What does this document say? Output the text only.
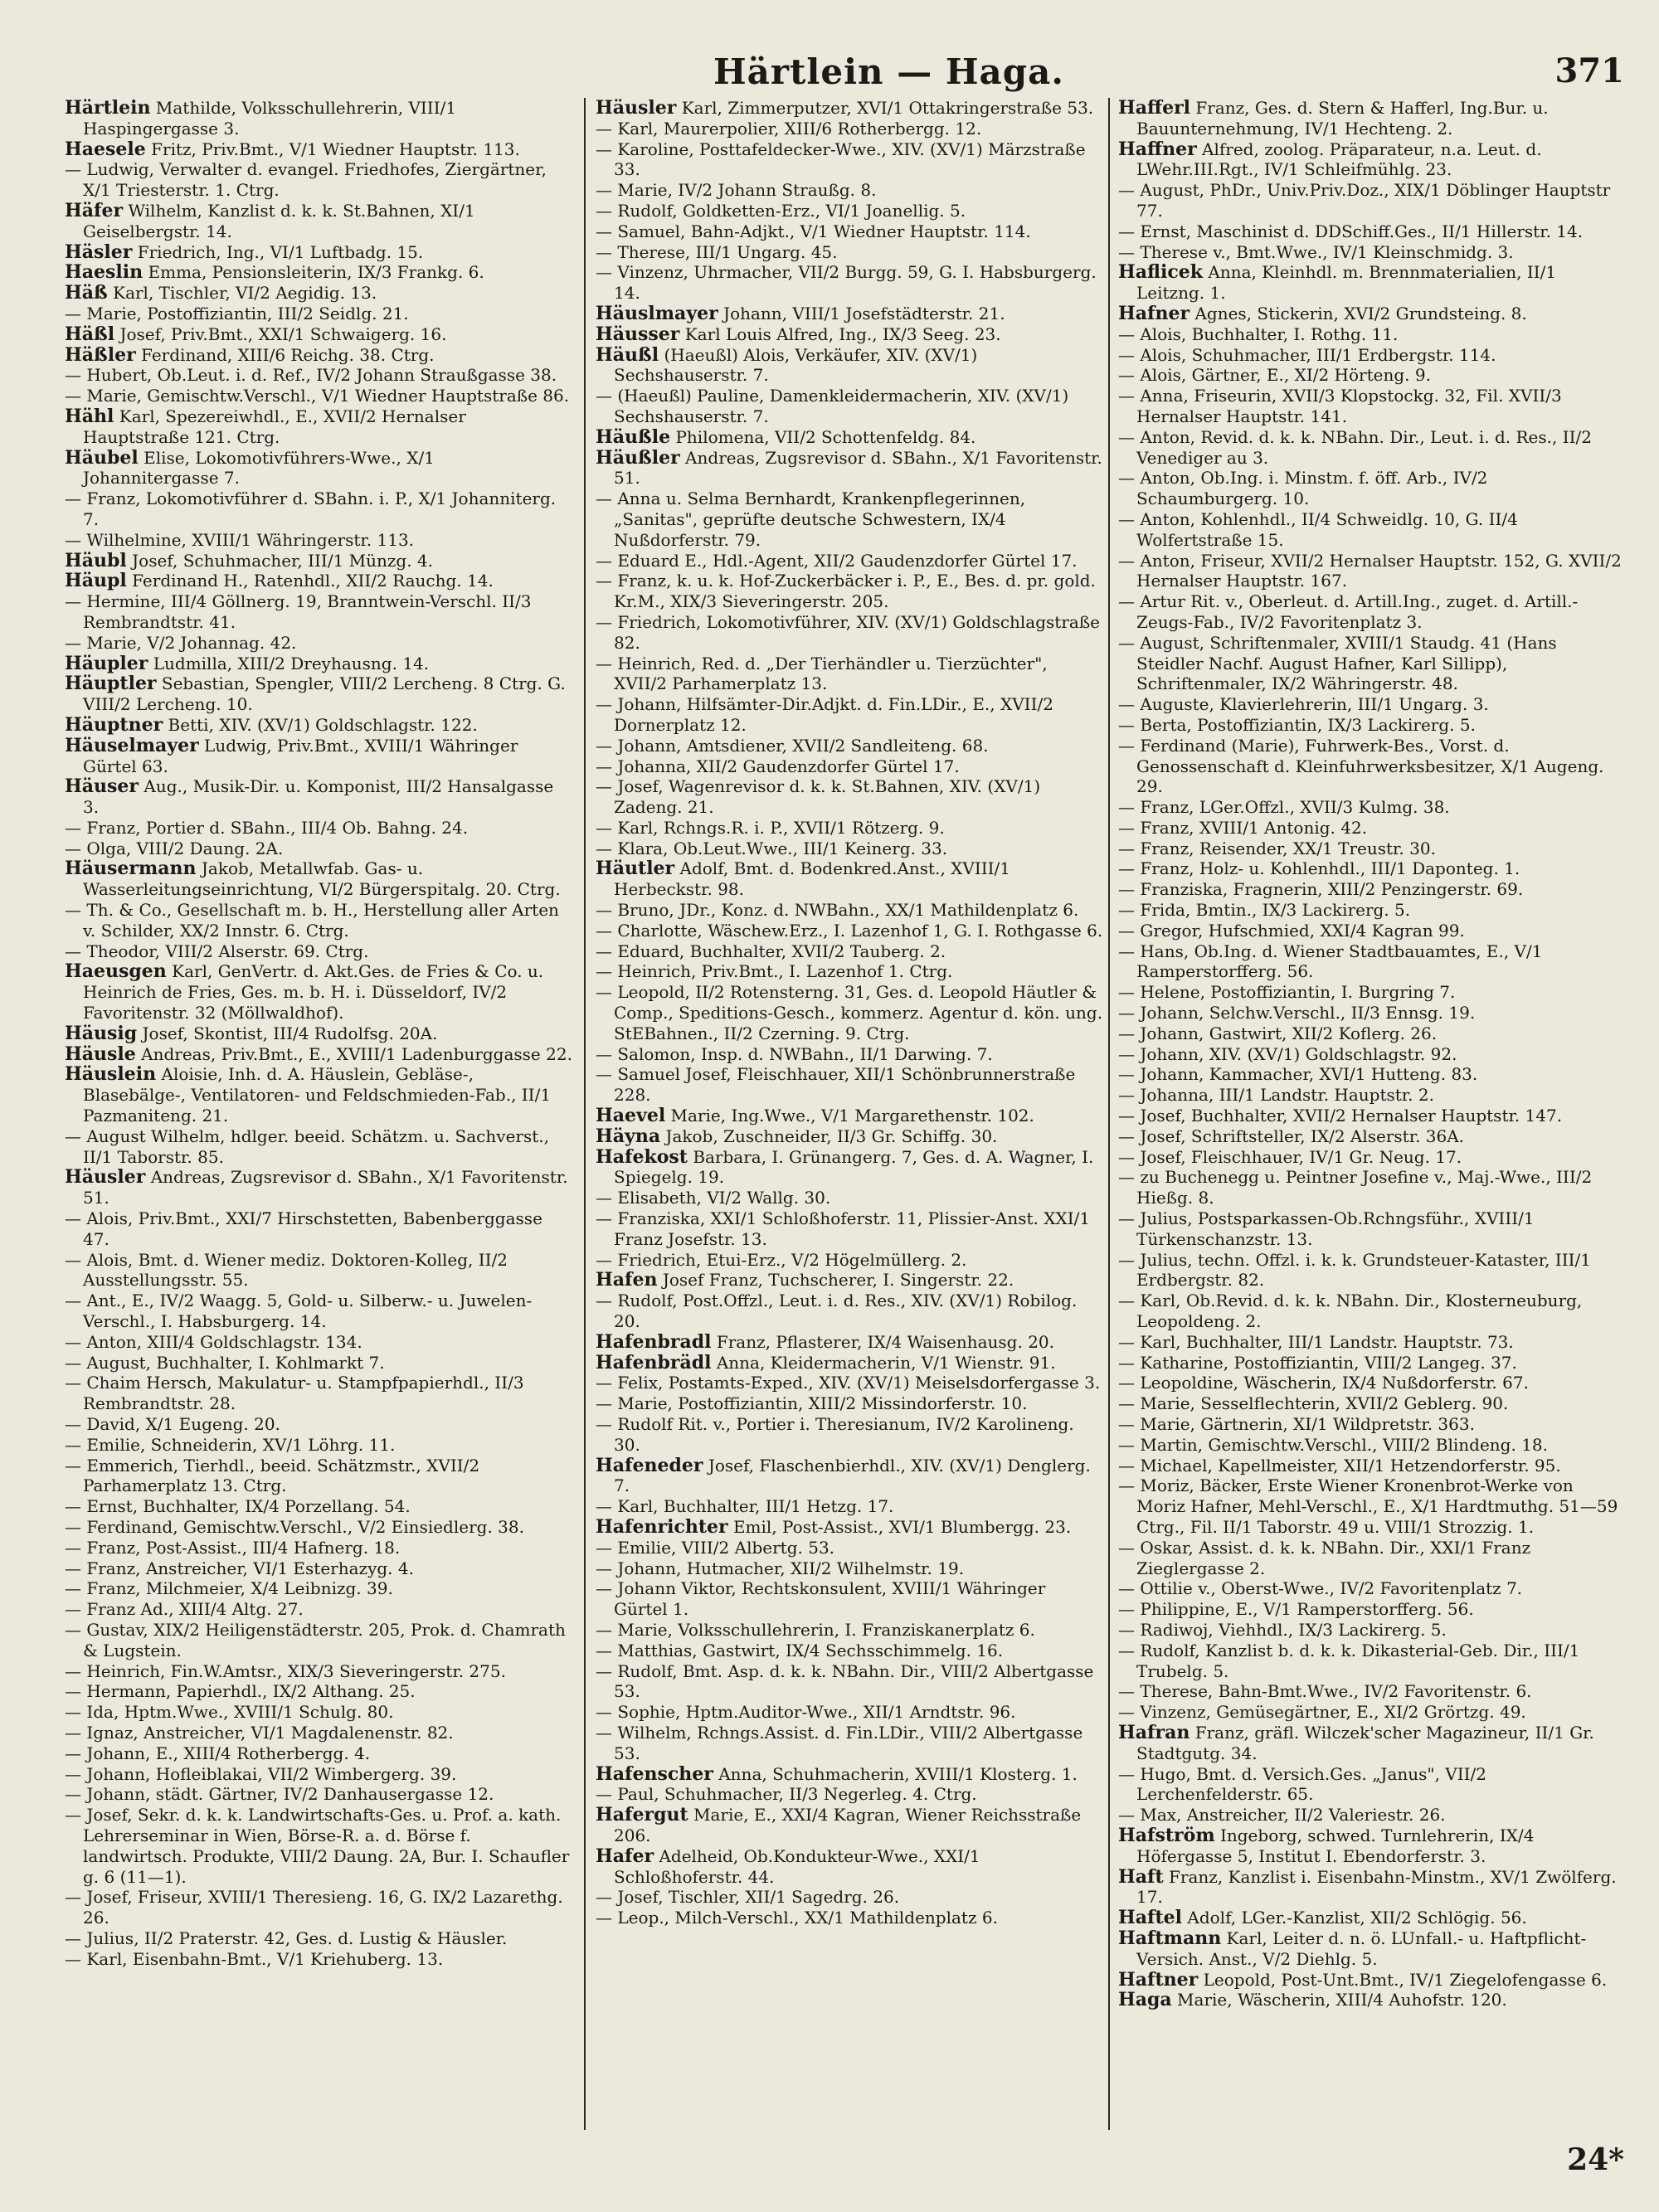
Härtlein — Haga.	371

Härtlein Mathilde, Volksschullehrerin, VIII/1 Haspingergasse 3.

Haesele Fritz, Priv.Bmt., V/1 Wiedner Hauptstr. 113.

— Ludwig, Verwalter d. evangel. Friedhofes, Ziergärtner, X/1 Triesterstr. 1. Ctrg.

Häfer Wilhelm, Kanzlist d. k. k. St.Bahnen, XI/1 Geiselbergstr. 14.

Häsler Friedrich, Ing., VI/1 Luftbadg. 15.

Haeslin Emma, Pensionsleiterin, IX/3 Frankg. 6.

Häß Karl, Tischler, VI/2 Aegidig. 13.

— Marie, Postoffiziantin, III/2 Seidlg. 21.

Häßl Josef, Priv.Bmt., XXI/1 Schwaigerg. 16.

Häßler Ferdinand, XIII/6 Reichg. 38. Ctrg.

— Hubert, Ob.Leut. i. d. Ref., IV/2 Johann Straußgasse 38.

— Marie, Gemischtw.Verschl., V/1 Wiedner Hauptstraße 86.

Hähl Karl, Spezereiwhdl., E., XVII/2 Hernalser Hauptstraße 121. Ctrg.

Häubel Elise, Lokomotivführers-Wwe., X/1 Johannitergasse 7.

— Franz, Lokomotivführer d. SBahn. i. P., X/1 Johanniterg. 7.

— Wilhelmine, XVIII/1 Währingerstr. 113.

Häubl Josef, Schuhmacher, III/1 Münzg. 4.

Häupl Ferdinand H., Ratenhdl., XII/2 Rauchg. 14.

— Hermine, III/4 Göllnerg. 19, Branntwein-Verschl. II/3 Rembrandtstr. 41.

— Marie, V/2 Johannag. 42.

Häupler Ludmilla, XIII/2 Dreyhausng. 14.

Häuptler Sebastian, Spengler, VIII/2 Lercheng. 8 Ctrg. G. VIII/2 Lercheng. 10.

Häuptner Betti, XIV. (XV/1) Goldschlagstr. 122.

Häuselmayer Ludwig, Priv.Bmt., XVIII/1 Währinger Gürtel 63.

Häuser Aug., Musik-Dir. u. Komponist, III/2 Hansalgasse 3.

— Franz, Portier d. SBahn., III/4 Ob. Bahng. 24.

— Olga, VIII/2 Daung. 2A.

Häusermann Jakob, Metallwfab. Gas- u. Wasserleitungseinrichtung, VI/2 Bürgerspitalg. 20. Ctrg.

— Th. & Co., Gesellschaft m. b. H., Herstellung aller Arten v. Schilder, XX/2 Innstr. 6. Ctrg.

— Theodor, VIII/2 Alserstr. 69. Ctrg.

Haeusgen Karl, GenVertr. d. Akt.Ges. de Fries & Co. u. Heinrich de Fries, Ges. m. b. H. i. Düsseldorf, IV/2 Favoritenstr. 32 (Möllwaldhof).

Häusig Josef, Skontist, III/4 Rudolfsg. 20A.

Häusle Andreas, Priv.Bmt., E., XVIII/1 Ladenburggasse 22.

Häuslein Aloisie, Inh. d. A. Häuslein, Gebläse-, Blasebälge-, Ventilatoren- und Feldschmieden-Fab., II/1 Pazmaniteng. 21.

— August Wilhelm, hdlger. beeid. Schätzm. u. Sachverst., II/1 Taborstr. 85.

Häusler Andreas, Zugsrevisor d. SBahn., X/1 Favoritenstr. 51.

— Alois, Priv.Bmt., XXI/7 Hirschstetten, Babenberggasse 47.

— Alois, Bmt. d. Wiener mediz. Doktoren-Kolleg, II/2 Ausstellungsstr. 55.

— Ant., E., IV/2 Waagg. 5, Gold- u. Silberw.- u. Juwelen-Verschl., I. Habsburgerg. 14.

— Anton, XIII/4 Goldschlagstr. 134.

— August, Buchhalter, I. Kohlmarkt 7.

— Chaim Hersch, Makulatur- u. Stampfpapierhdl., II/3 Rembrandtstr. 28.

— David, X/1 Eugeng. 20.

— Emilie, Schneiderin, XV/1 Löhrg. 11.

— Emmerich, Tierhdl., beeid. Schätzmstr., XVII/2 Parhamerplatz 13. Ctrg.

— Ernst, Buchhalter, IX/4 Porzellang. 54.

— Ferdinand, Gemischtw.Verschl., V/2 Einsiedlerg. 38.

— Franz, Post-Assist., III/4 Hafnerg. 18.

— Franz, Anstreicher, VI/1 Esterhazyg. 4.

— Franz, Milchmeier, X/4 Leibnizg. 39.

— Franz Ad., XIII/4 Altg. 27.

— Gustav, XIX/2 Heiligenstädterstr. 205, Prok. d. Chamrath & Lugstein.

— Heinrich, Fin.W.Amtsr., XIX/3 Sieveringerstr. 275.

— Hermann, Papierhdl., IX/2 Althang. 25.

— Ida, Hptm.Wwe., XVIII/1 Schulg. 80.

— Ignaz, Anstreicher, VI/1 Magdalenenstr. 82.

— Johann, E., XIII/4 Rotherbergg. 4.

— Johann, Hofleiblakai, VII/2 Wimbergerg. 39.

— Johann, städt. Gärtner, IV/2 Danhausergasse 12.

— Josef, Sekr. d. k. k. Landwirtschafts-Ges. u. Prof. a. kath. Lehrerseminar in Wien, Börse-R. a. d. Börse f. landwirtsch. Produkte, VIII/2 Daung. 2A, Bur. I. Schaufler g. 6 (11—1).

— Josef, Friseur, XVIII/1 Theresieng. 16, G. IX/2 Lazarethg. 26.

— Julius, II/2 Praterstr. 42, Ges. d. Lustig & Häusler.

— Karl, Eisenbahn-Bmt., V/1 Kriehuberg. 13.

Häusler Karl, Zimmerputzer, XVI/1 Ottakringerstraße 53.

— Karl, Maurerpolier, XIII/6 Rotherbergg. 12.

— Karoline, Posttafeldecker-Wwe., XIV. (XV/1) Märzstraße 33.

— Marie, IV/2 Johann Straußg. 8.

— Rudolf, Goldketten-Erz., VI/1 Joanellig. 5.

— Samuel, Bahn-Adjkt., V/1 Wiedner Hauptstr. 114.

— Therese, III/1 Ungarg. 45.

— Vinzenz, Uhrmacher, VII/2 Burgg. 59, G. I. Habsburgerg. 14.

Häuslmayer Johann, VIII/1 Josefstädterstr. 21.

Häusser Karl Louis Alfred, Ing., IX/3 Seeg. 23.

Häußl (Haeußl) Alois, Verkäufer, XIV. (XV/1) Sechshauserstr. 7.

— (Haeußl) Pauline, Damenkleidermacherin, XIV. (XV/1) Sechshauserstr. 7.

Häußle Philomena, VII/2 Schottenfeldg. 84.

Häußler Andreas, Zugsrevisor d. SBahn., X/1 Favoritenstr. 51.

— Anna u. Selma Bernhardt, Krankenpflegerinnen, „Sanitas", geprüfte deutsche Schwestern, IX/4 Nußdorferstr. 79.

— Eduard E., Hdl.-Agent, XII/2 Gaudenzdorfer Gürtel 17.

— Franz, k. u. k. Hof-Zuckerbäcker i. P., E., Bes. d. pr. gold. Kr.M., XIX/3 Sieveringerstr. 205.

— Friedrich, Lokomotivführer, XIV. (XV/1) Goldschlagstraße 82.

— Heinrich, Red. d. „Der Tierhändler u. Tierzüchter", XVII/2 Parhamerplatz 13.

— Johann, Hilfsämter-Dir.Adjkt. d. Fin.LDir., E., XVII/2 Dornerplatz 12.

— Johann, Amtsdiener, XVII/2 Sandleiteng. 68.

— Johanna, XII/2 Gaudenzdorfer Gürtel 17.

— Josef, Wagenrevisor d. k. k. St.Bahnen, XIV. (XV/1) Zadeng. 21.

— Karl, Rchngs.R. i. P., XVII/1 Rötzerg. 9.

— Klara, Ob.Leut.Wwe., III/1 Keinerg. 33.

Häutler Adolf, Bmt. d. Bodenkred.Anst., XVIII/1 Herbeckstr. 98.

— Bruno, JDr., Konz. d. NWBahn., XX/1 Mathildenplatz 6.

— Charlotte, Wäschew.Erz., I. Lazenhof 1, G. I. Rothgasse 6.

— Eduard, Buchhalter, XVII/2 Tauberg. 2.

— Heinrich, Priv.Bmt., I. Lazenhof 1. Ctrg.

— Leopold, II/2 Rotensterng. 31, Ges. d. Leopold Häutler & Comp., Speditions-Gesch., kommerz. Agentur d. kön. ung. StEBahnen., II/2 Czerning. 9. Ctrg.

— Salomon, Insp. d. NWBahn., II/1 Darwing. 7.

— Samuel Josef, Fleischhauer, XII/1 Schönbrunnerstraße 228.

Haevel Marie, Ing.Wwe., V/1 Margarethenstr. 102.

Häyna Jakob, Zuschneider, II/3 Gr. Schiffg. 30.

Hafekost Barbara, I. Grünangerg. 7, Ges. d. A. Wagner, I. Spiegelg. 19.

— Elisabeth, VI/2 Wallg. 30.

— Franziska, XXI/1 Schloßhoferstr. 11, Plissier-Anst. XXI/1 Franz Josefstr. 13.

— Friedrich, Etui-Erz., V/2 Högelmüllerg. 2.

Hafen Josef Franz, Tuchscherer, I. Singerstr. 22.

— Rudolf, Post.Offzl., Leut. i. d. Res., XIV. (XV/1) Robilog. 20.

Hafenbradl Franz, Pflasterer, IX/4 Waisenhausg. 20.

Hafenbrädl Anna, Kleidermacherin, V/1 Wienstr. 91.

— Felix, Postamts-Exped., XIV. (XV/1) Meiselsdorfergasse 3.

— Marie, Postoffiziantin, XIII/2 Missindorferstr. 10.

— Rudolf Rit. v., Portier i. Theresianum, IV/2 Karolineng. 30.

Hafeneder Josef, Flaschenbierhdl., XIV. (XV/1) Denglerg. 7.

— Karl, Buchhalter, III/1 Hetzg. 17.

Hafenrichter Emil, Post-Assist., XVI/1 Blumbergg. 23.

— Emilie, VIII/2 Albertg. 53.

— Johann, Hutmacher, XII/2 Wilhelmstr. 19.

— Johann Viktor, Rechtskonsulent, XVIII/1 Währinger Gürtel 1.

— Marie, Volksschullehrerin, I. Franziskanerplatz 6.

— Matthias, Gastwirt, IX/4 Sechsschimmelg. 16.

— Rudolf, Bmt. Asp. d. k. k. NBahn. Dir., VIII/2 Albertgasse 53.

— Sophie, Hptm.Auditor-Wwe., XII/1 Arndtstr. 96.

— Wilhelm, Rchngs.Assist. d. Fin.LDir., VIII/2 Albertgasse 53.

Hafenscher Anna, Schuhmacherin, XVIII/1 Klosterg. 1.

— Paul, Schuhmacher, II/3 Negerleg. 4. Ctrg.

Hafergut Marie, E., XXI/4 Kagran, Wiener Reichsstraße 206.

Hafer Adelheid, Ob.Kondukteur-Wwe., XXI/1 Schloßhoferstr. 44.

— Josef, Tischler, XII/1 Sagedrg. 26.

— Leop., Milch-Verschl., XX/1 Mathildenplatz 6.

Hafferl Franz, Ges. d. Stern & Hafferl, Ing.Bur. u. Bauunternehmung, IV/1 Hechteng. 2.

Haffner Alfred, zoolog. Präparateur, n.a. Leut. d. LWehr.III.Rgt., IV/1 Schleifmühlg. 23.

— August, PhDr., Univ.Priv.Doz., XIX/1 Döblinger Hauptstr 77.

— Ernst, Maschinist d. DDSchiff.Ges., II/1 Hillerstr. 14.

— Therese v., Bmt.Wwe., IV/1 Kleinschmidg. 3.

Haflicek Anna, Kleinhdl. m. Brennmaterialien, II/1 Leitzng. 1.

Hafner Agnes, Stickerin, XVI/2 Grundsteing. 8.

— Alois, Buchhalter, I. Rothg. 11.

— Alois, Schuhmacher, III/1 Erdbergstr. 114.

— Alois, Gärtner, E., XI/2 Hörteng. 9.

— Anna, Friseurin, XVII/3 Klopstockg. 32, Fil. XVII/3 Hernalser Hauptstr. 141.

— Anton, Revid. d. k. k. NBahn. Dir., Leut. i. d. Res., II/2 Venediger au 3.

— Anton, Ob.Ing. i. Minstm. f. öff. Arb., IV/2 Schaumburgerg. 10.

— Anton, Kohlenhdl., II/4 Schweidlg. 10, G. II/4 Wolfertstraße 15.

— Anton, Friseur, XVII/2 Hernalser Hauptstr. 152, G. XVII/2 Hernalser Hauptstr. 167.

— Artur Rit. v., Oberleut. d. Artill.Ing., zuget. d. Artill.-Zeugs-Fab., IV/2 Favoritenplatz 3.

— August, Schriftenmaler, XVIII/1 Staudg. 41 (Hans Steidler Nachf. August Hafner, Karl Sillipp), Schriftenmaler, IX/2 Währingerstr. 48.

— Auguste, Klavierlehrerin, III/1 Ungarg. 3.

— Berta, Postoffiziantin, IX/3 Lackirerg. 5.

— Ferdinand (Marie), Fuhrwerk-Bes., Vorst. d. Genossenschaft d. Kleinfuhrwerksbesitzer, X/1 Augeng. 29.

— Franz, LGer.Offzl., XVII/3 Kulmg. 38.

— Franz, XVIII/1 Antonig. 42.

— Franz, Reisender, XX/1 Treustr. 30.

— Franz, Holz- u. Kohlenhdl., III/1 Daponteg. 1.

— Franziska, Fragnerin, XIII/2 Penzingerstr. 69.

— Frida, Bmtin., IX/3 Lackirerg. 5.

— Gregor, Hufschmied, XXI/4 Kagran 99.

— Hans, Ob.Ing. d. Wiener Stadtbauamtes, E., V/1 Ramperstorfferg. 56.

— Helene, Postoffiziantin, I. Burgring 7.

— Johann, Selchw.Verschl., II/3 Ennsg. 19.

— Johann, Gastwirt, XII/2 Koflerg. 26.

— Johann, XIV. (XV/1) Goldschlagstr. 92.

— Johann, Kammacher, XVI/1 Hutteng. 83.

— Johanna, III/1 Landstr. Hauptstr. 2.

— Josef, Buchhalter, XVII/2 Hernalser Hauptstr. 147.

— Josef, Schriftsteller, IX/2 Alserstr. 36A.

— Josef, Fleischhauer, IV/1 Gr. Neug. 17.

— zu Buchenegg u. Peintner Josefine v., Maj.-Wwe., III/2 Hießg. 8.

— Julius, Postsparkassen-Ob.Rchngsführ., XVIII/1 Türkenschanzstr. 13.

— Julius, techn. Offzl. i. k. k. Grundsteuer-Kataster, III/1 Erdbergstr. 82.

— Karl, Ob.Revid. d. k. k. NBahn. Dir., Klosterneuburg, Leopoldeng. 2.

— Karl, Buchhalter, III/1 Landstr. Hauptstr. 73.

— Katharine, Postoffiziantin, VIII/2 Langeg. 37.

— Leopoldine, Wäscherin, IX/4 Nußdorferstr. 67.

— Marie, Sesselflechterin, XVII/2 Geblerg. 90.

— Marie, Gärtnerin, XI/1 Wildpretstr. 363.

— Martin, Gemischtw.Verschl., VIII/2 Blindeng. 18.

— Michael, Kapellmeister, XII/1 Hetzendorferstr. 95.

— Moriz, Bäcker, Erste Wiener Kronenbrot-Werke von Moriz Hafner, Mehl-Verschl., E., X/1 Hardtmuthg. 51—59 Ctrg., Fil. II/1 Taborstr. 49 u. VIII/1 Strozzig. 1.

— Oskar, Assist. d. k. k. NBahn. Dir., XXI/1 Franz Zieglergasse 2.

— Ottilie v., Oberst-Wwe., IV/2 Favoritenplatz 7.

— Philippine, E., V/1 Ramperstorfferg. 56.

— Radiwoj, Viehhdl., IX/3 Lackirerg. 5.

— Rudolf, Kanzlist b. d. k. k. Dikasterial-Geb. Dir., III/1 Trubelg. 5.

— Therese, Bahn-Bmt.Wwe., IV/2 Favoritenstr. 6.

— Vinzenz, Gemüsegärtner, E., XI/2 Grörtzg. 49.

Hafran Franz, gräfl. Wilczek'scher Magazineur, II/1 Gr. Stadtgutg. 34.

— Hugo, Bmt. d. Versich.Ges. „Janus", VII/2 Lerchenfelderstr. 65.

— Max, Anstreicher, II/2 Valeriestr. 26.

Hafström Ingeborg, schwed. Turnlehrerin, IX/4 Höfergasse 5, Institut I. Ebendorferstr. 3.

Haft Franz, Kanzlist i. Eisenbahn-Minstm., XV/1 Zwölferg. 17.

Haftel Adolf, LGer.-Kanzlist, XII/2 Schlögig. 56.

Haftmann Karl, Leiter d. n. ö. LUnfall.- u. Haftpflicht-Versich. Anst., V/2 Diehlg. 5.

Haftner Leopold, Post-Unt.Bmt., IV/1 Ziegelofengasse 6.

Haga Marie, Wäscherin, XIII/4 Auhofstr. 120.

24*
